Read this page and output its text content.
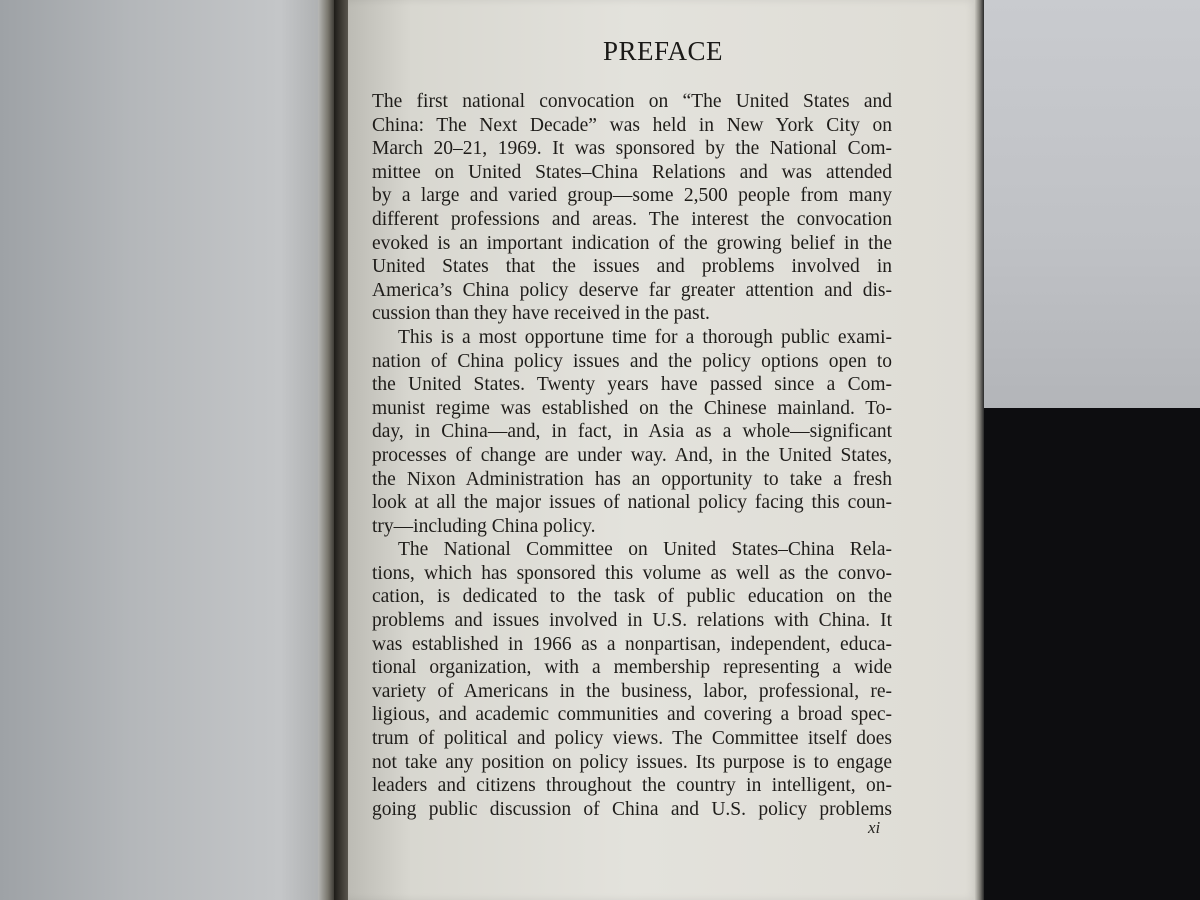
PREFACE
The first national convocation on “The United States and
China: The Next Decade” was held in New York City on
March 20–21, 1969. It was sponsored by the National Com-
mittee on United States–China Relations and was attended
by a large and varied group—some 2,500 people from many
different professions and areas. The interest the convocation
evoked is an important indication of the growing belief in the
United States that the issues and problems involved in
America’s China policy deserve far greater attention and dis-
cussion than they have received in the past.
This is a most opportune time for a thorough public exami-
nation of China policy issues and the policy options open to
the United States. Twenty years have passed since a Com-
munist regime was established on the Chinese mainland. To-
day, in China—and, in fact, in Asia as a whole—significant
processes of change are under way. And, in the United States,
the Nixon Administration has an opportunity to take a fresh
look at all the major issues of national policy facing this coun-
try—including China policy.
The National Committee on United States–China Rela-
tions, which has sponsored this volume as well as the convo-
cation, is dedicated to the task of public education on the
problems and issues involved in U.S. relations with China. It
was established in 1966 as a nonpartisan, independent, educa-
tional organization, with a membership representing a wide
variety of Americans in the business, labor, professional, re-
ligious, and academic communities and covering a broad spec-
trum of political and policy views. The Committee itself does
not take any position on policy issues. Its purpose is to engage
leaders and citizens throughout the country in intelligent, on-
going public discussion of China and U.S. policy problems
xi
